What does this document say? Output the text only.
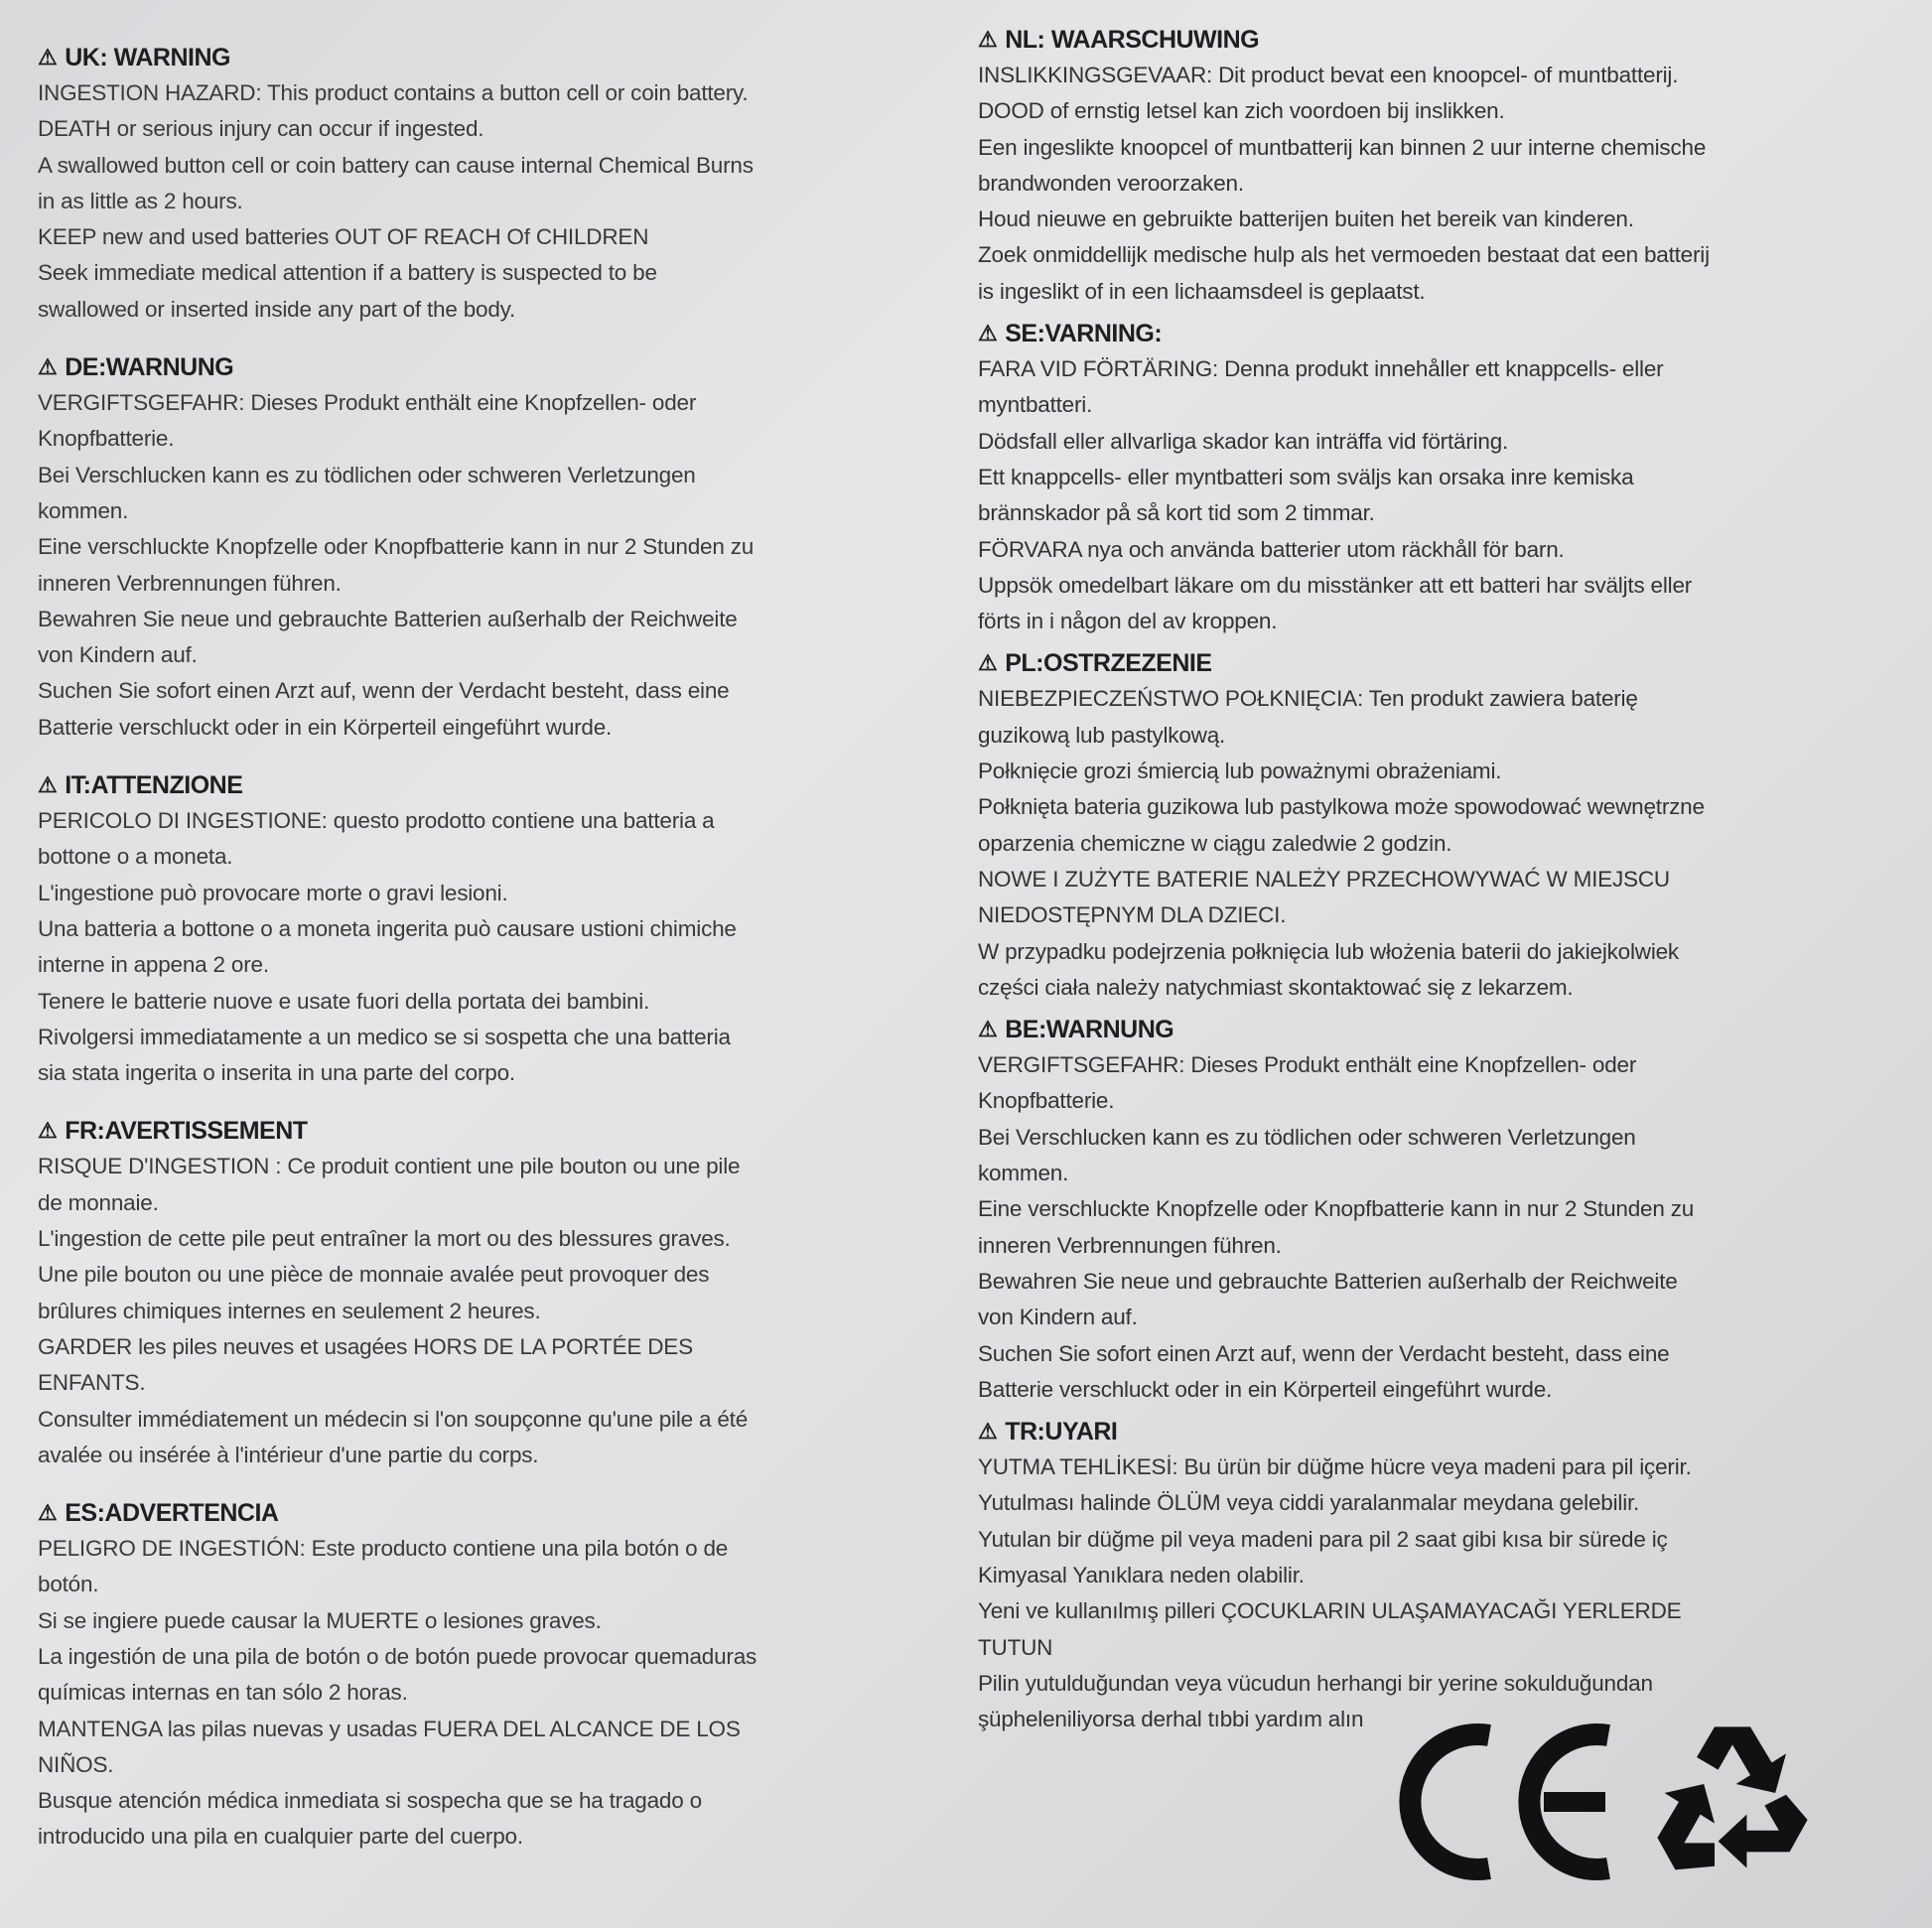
⚠ UK: WARNING
INGESTION HAZARD: This product contains a button cell or coin battery.
DEATH or serious injury can occur if ingested.
A swallowed button cell or coin battery can cause internal Chemical Burns
in as little as 2 hours.
KEEP new and used batteries OUT OF REACH Of CHILDREN
Seek immediate medical attention if a battery is suspected to be
swallowed or inserted inside any part of the body.
⚠ DE:WARNUNG
VERGIFTSGEFAHR: Dieses Produkt enthält eine Knopfzellen- oder
Knopfbatterie.
Bei Verschlucken kann es zu tödlichen oder schweren Verletzungen
kommen.
Eine verschluckte Knopfzelle oder Knopfbatterie kann in nur 2 Stunden zu
inneren Verbrennungen führen.
Bewahren Sie neue und gebrauchte Batterien außerhalb der Reichweite
von Kindern auf.
Suchen Sie sofort einen Arzt auf, wenn der Verdacht besteht, dass eine
Batterie verschluckt oder in ein Körperteil eingeführt wurde.
⚠ IT:ATTENZIONE
PERICOLO DI INGESTIONE: questo prodotto contiene una batteria a
bottone o a moneta.
L'ingestione può provocare morte o gravi lesioni.
Una batteria a bottone o a moneta ingerita può causare ustioni chimiche
interne in appena 2 ore.
Tenere le batterie nuove e usate fuori della portata dei bambini.
Rivolgersi immediatamente a un medico se si sospetta che una batteria
sia stata ingerita o inserita in una parte del corpo.
⚠ FR:AVERTISSEMENT
RISQUE D'INGESTION : Ce produit contient une pile bouton ou une pile
de monnaie.
L'ingestion de cette pile peut entraîner la mort ou des blessures graves.
Une pile bouton ou une pièce de monnaie avalée peut provoquer des
brûlures chimiques internes en seulement 2 heures.
GARDER les piles neuves et usagées HORS DE LA PORTÉE DES
ENFANTS.
Consulter immédiatement un médecin si l'on soupçonne qu'une pile a été
avalée ou insérée à l'intérieur d'une partie du corps.
⚠ ES:ADVERTENCIA
PELIGRO DE INGESTIÓN: Este producto contiene una pila botón o de
botón.
Si se ingiere puede causar la MUERTE o lesiones graves.
La ingestión de una pila de botón o de botón puede provocar quemaduras
químicas internas en tan sólo 2 horas.
MANTENGA las pilas nuevas y usadas FUERA DEL ALCANCE DE LOS
NIÑOS.
Busque atención médica inmediata si sospecha que se ha tragado o
introducido una pila en cualquier parte del cuerpo.
⚠ NL: WAARSCHUWING
INSLIKKINGSGEVAAR: Dit product bevat een knoopcel- of muntbatterij.
DOOD of ernstig letsel kan zich voordoen bij inslikken.
Een ingeslikte knoopcel of muntbatterij kan binnen 2 uur interne chemische
brandwonden veroorzaken.
Houd nieuwe en gebruikte batterijen buiten het bereik van kinderen.
Zoek onmiddellijk medische hulp als het vermoeden bestaat dat een batterij
is ingeslikt of in een lichaamsdeel is geplaatst.
⚠ SE:VARNING:
FARA VID FÖRTÄRING: Denna produkt innehåller ett knappcells- eller
myntbatteri.
Dödsfall eller allvarliga skador kan inträffa vid förtäring.
Ett knappcells- eller myntbatteri som sväljs kan orsaka inre kemiska
brännskador på så kort tid som 2 timmar.
FÖRVARA nya och använda batterier utom räckhåll för barn.
Uppsök omedelbart läkare om du misstänker att ett batteri har svälјts eller
förts in i någon del av kroppen.
⚠ PL:OSTRZEZENIE
NIEBEZPIECZEŃSTWO POŁKNIĘCIA: Ten produkt zawiera baterię
guzikową lub pastylkową.
Połknięcie grozi śmiercią lub poważnymi obrażeniami.
Połknięta bateria guzikowa lub pastylkowa może spowodować wewnętrzne
oparzenia chemiczne w ciągu zaledwie 2 godzin.
NOWE I ZUŻYTE BATERIE NALEŻY PRZECHOWYWAĆ W MIEJSCU
NIEDOSTĘPNYM DLA DZIECI.
W przypadku podejrzenia połknięcia lub włożenia baterii do jakiejkolwiek
części ciała należy natychmiast skontaktować się z lekarzem.
⚠ BE:WARNUNG
VERGIFTSGEFAHR: Dieses Produkt enthält eine Knopfzellen- oder
Knopfbatterie.
Bei Verschlucken kann es zu tödlichen oder schweren Verletzungen
kommen.
Eine verschluckte Knopfzelle oder Knopfbatterie kann in nur 2 Stunden zu
inneren Verbrennungen führen.
Bewahren Sie neue und gebrauchte Batterien außerhalb der Reichweite
von Kindern auf.
Suchen Sie sofort einen Arzt auf, wenn der Verdacht besteht, dass eine
Batterie verschluckt oder in ein Körperteil eingeführt wurde.
⚠ TR:UYARI
YUTMA TEHLİKESİ: Bu ürün bir düğme hücre veya madeni para pil içerir.
Yutulması halinde ÖLÜM veya ciddi yaralanmalar meydana gelebilir.
Yutulan bir düğme pil veya madeni para pil 2 saat gibi kısa bir sürede iç
Kimyasal Yanıklara neden olabilir.
Yeni ve kullanılmış pilleri ÇOCUKLARIN ULAŞAMAYACAĞI YERLERDE
TUTUN
Pilin yutulduğundan veya vücudun herhangi bir yerine sokulduğundan
şüpheleniliyorsa derhal tıbbi yardım alın
